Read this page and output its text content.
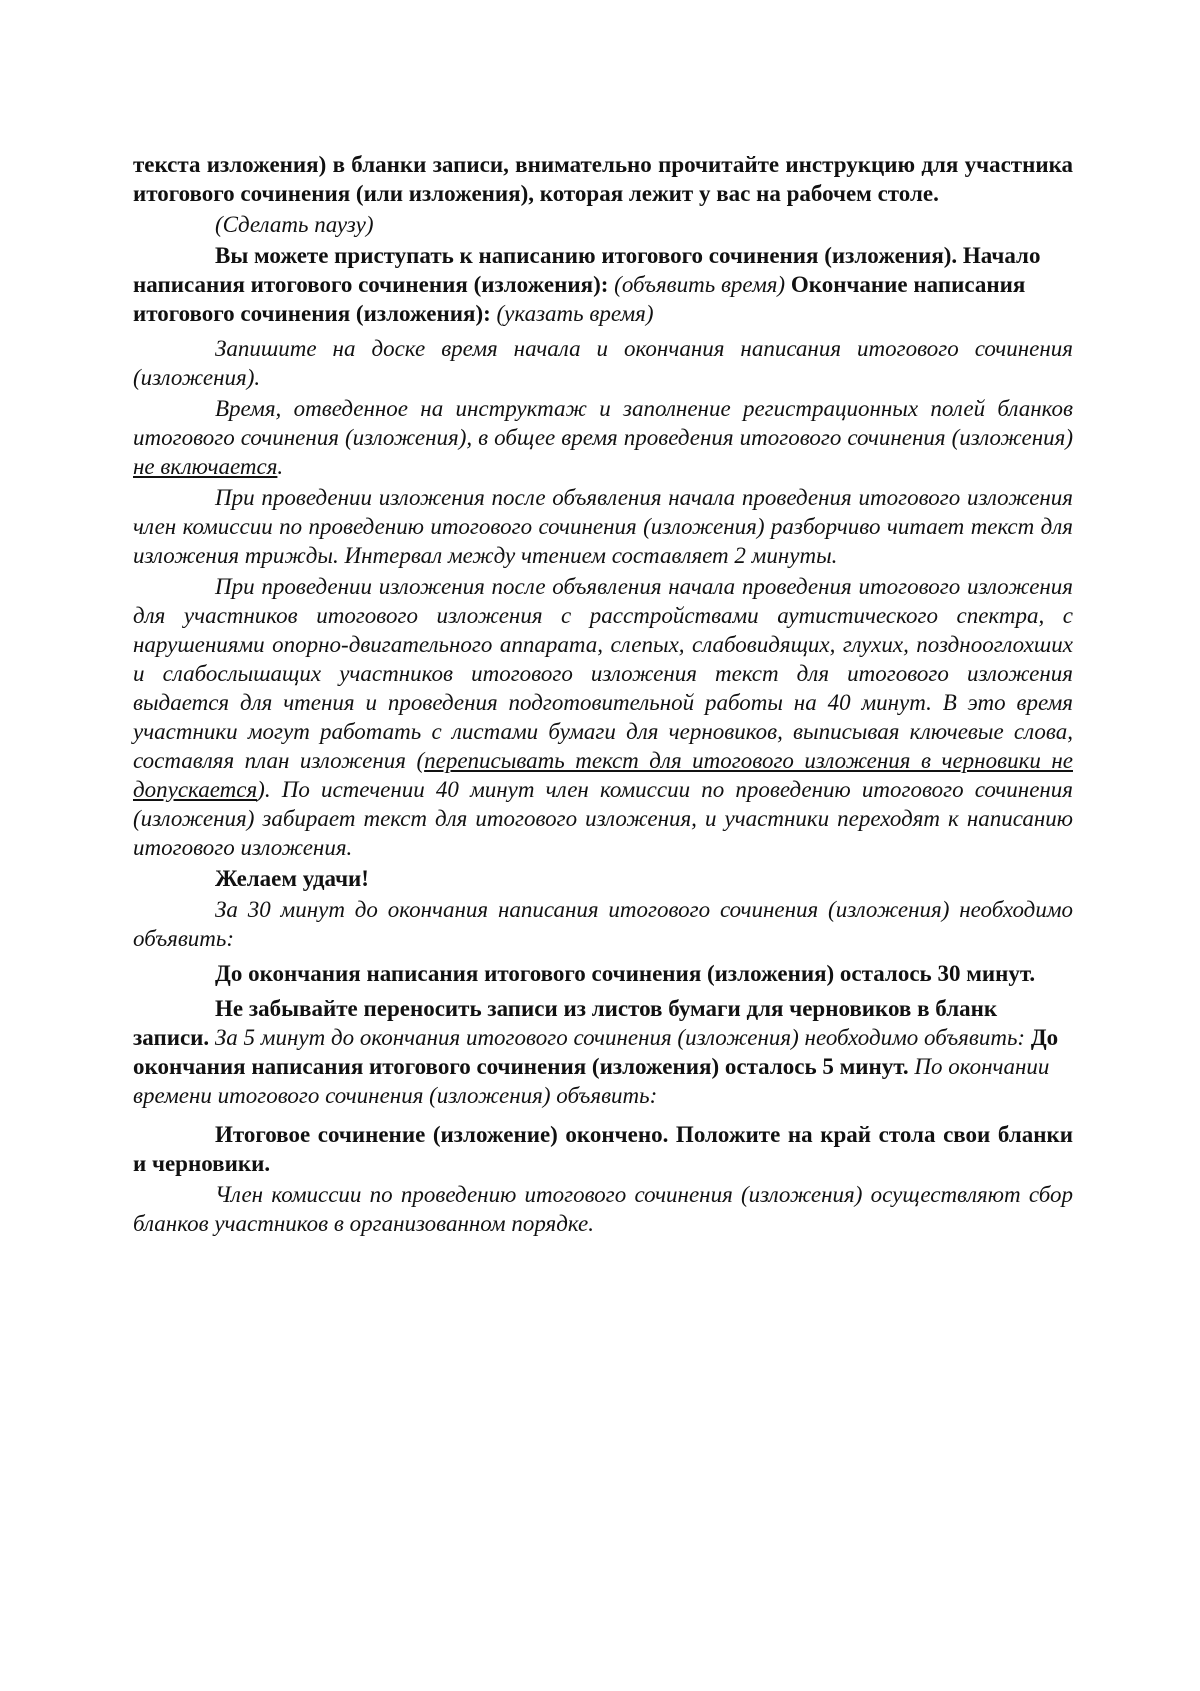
текста изложения) в бланки записи, внимательно прочитайте инструкцию для участника итогового сочинения (или изложения), которая лежит у вас на рабочем столе.

(Сделать паузу)

Вы можете приступать к написанию итогового сочинения (изложения). Начало написания итогового сочинения (изложения): (объявить время) Окончание написания итогового сочинения (изложения): (указать время)

Запишите на доске время начала и окончания написания итогового сочинения (изложения).

Время, отведенное на инструктаж и заполнение регистрационных полей бланков итогового сочинения (изложения), в общее время проведения итогового сочинения (изложения) не включается.

При проведении изложения после объявления начала проведения итогового изложения член комиссии по проведению итогового сочинения (изложения) разборчиво читает текст для изложения трижды. Интервал между чтением составляет 2 минуты.

При проведении изложения после объявления начала проведения итогового изложения для участников итогового изложения с расстройствами аутистического спектра, с нарушениями опорно-двигательного аппарата, слепых, слабовидящих, глухих, позднооглохших и слабослышащих участников итогового изложения текст для итогового изложения выдается для чтения и проведения подготовительной работы на 40 минут. В это время участники могут работать с листами бумаги для черновиков, выписывая ключевые слова, составляя план изложения (переписывать текст для итогового изложения в черновики не допускается). По истечении 40 минут член комиссии по проведению итогового сочинения (изложения) забирает текст для итогового изложения, и участники переходят к написанию итогового изложения.

Желаем удачи!

За 30 минут до окончания написания итогового сочинения (изложения) необходимо объявить:

До окончания написания итогового сочинения (изложения) осталось 30 минут.

Не забывайте переносить записи из листов бумаги для черновиков в бланк записи. За 5 минут до окончания итогового сочинения (изложения) необходимо объявить: До окончания написания итогового сочинения (изложения) осталось 5 минут. По окончании времени итогового сочинения (изложения) объявить:

Итоговое сочинение (изложение) окончено. Положите на край стола свои бланки и черновики.

Член комиссии по проведению итогового сочинения (изложения) осуществляют сбор бланков участников в организованном порядке.
